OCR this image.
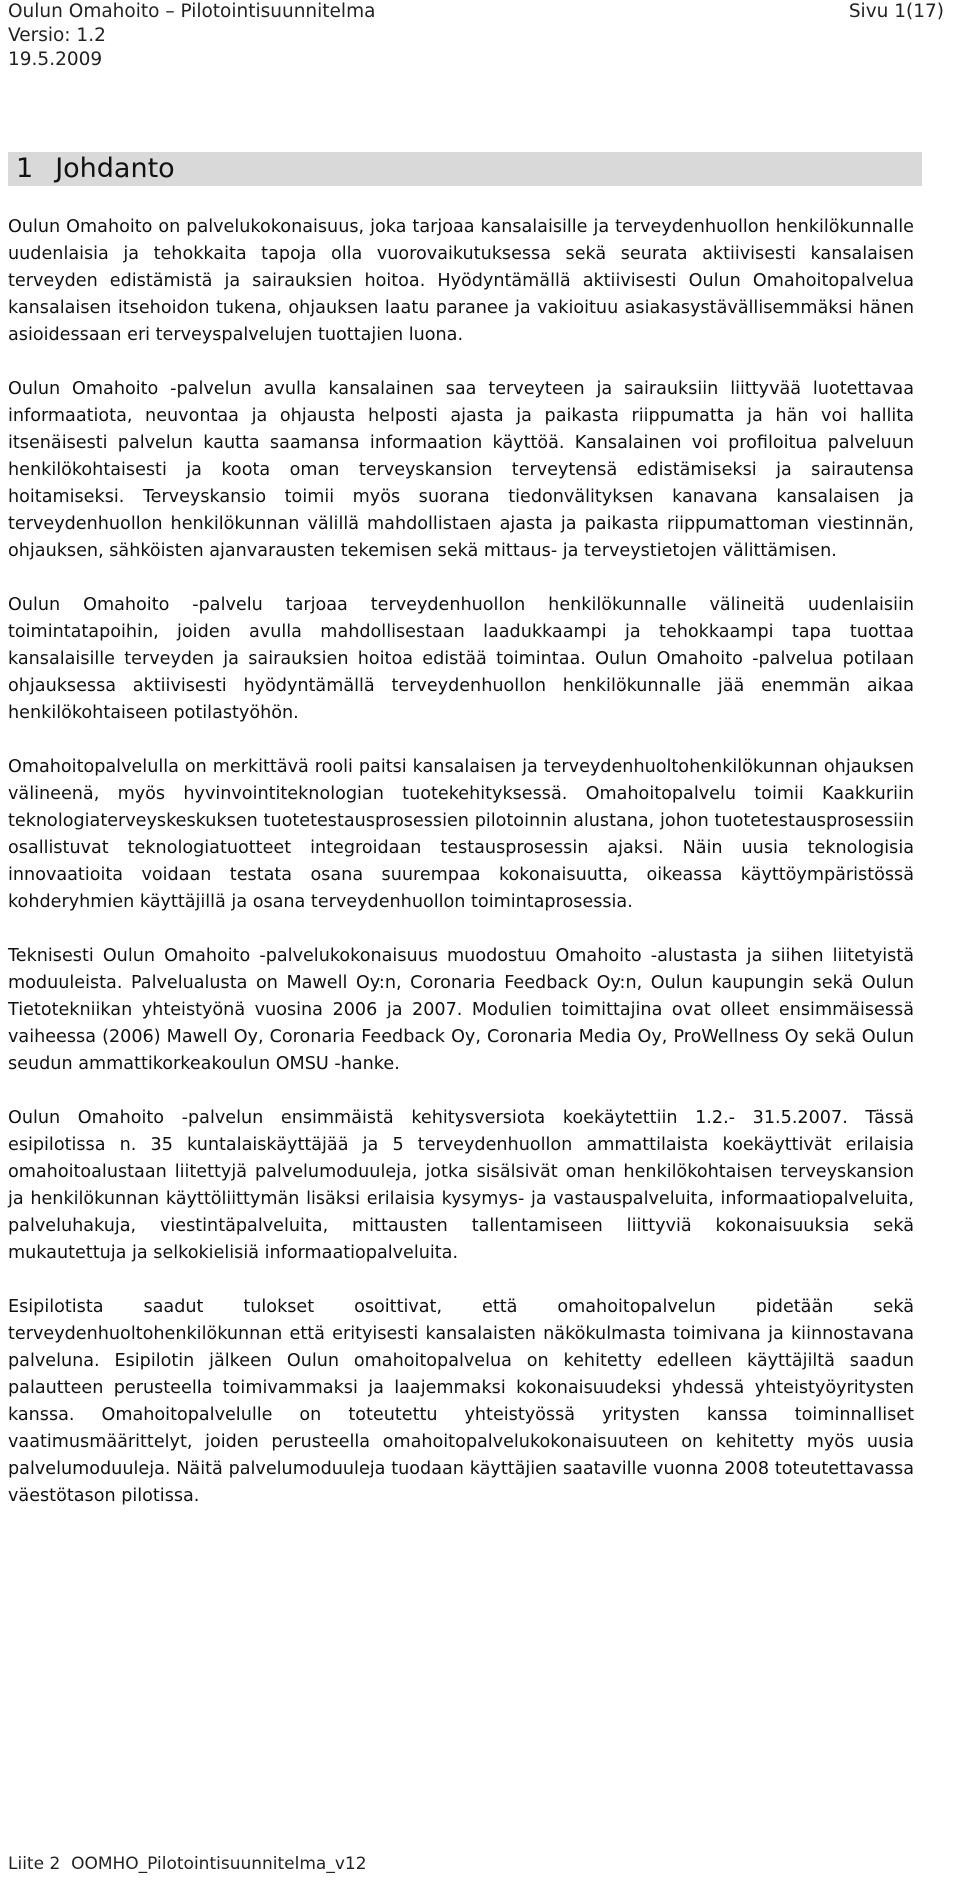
Oulun Omahoito – Pilotointisuunnitelma	Sivu 1(17)
Versio: 1.2
19.5.2009
1 Johdanto

Oulun Omahoito on palvelukokonaisuus, joka tarjoaa kansalaisille ja terveydenhuollon henkilökunnalle uudenlaisia ja tehokkaita tapoja olla vuorovaikutuksessa sekä seurata aktiivisesti kansalaisen terveyden edistämistä ja sairauksien hoitoa. Hyödyntämällä aktiivisesti Oulun Omahoitopalvelua kansalaisen itsehoidon tukena, ohjauksen laatu paranee ja vakioituu asiakasystävällisemmäksi hänen asioidessaan eri terveyspalvelujen tuottajien luona.

Oulun Omahoito -palvelun avulla kansalainen saa terveyteen ja sairauksiin liittyvää luotettavaa informaatiota, neuvontaa ja ohjausta helposti ajasta ja paikasta riippumatta ja hän voi hallita itsenäisesti palvelun kautta saamansa informaation käyttöä. Kansalainen voi profiloitua palveluun henkilökohtaisesti ja koota oman terveyskansion terveytensä edistämiseksi ja sairautensa hoitamiseksi. Terveyskansio toimii myös suorana tiedonvälityksen kanavana kansalaisen ja terveydenhuollon henkilökunnan välillä mahdollistaen ajasta ja paikasta riippumattoman viestinnän, ohjauksen, sähköisten ajanvarausten tekemisen sekä mittaus- ja terveystietojen välittämisen.

Oulun Omahoito -palvelu tarjoaa terveydenhuollon henkilökunnalle välineitä uudenlaisiin toimintatapoihin, joiden avulla mahdollisestaan laadukkaampi ja tehokkaampi tapa tuottaa kansalaisille terveyden ja sairauksien hoitoa edistää toimintaa. Oulun Omahoito -palvelua potilaan ohjauksessa aktiivisesti hyödyntämällä terveydenhuollon henkilökunnalle jää enemmän aikaa henkilökohtaiseen potilastyöhön.

Omahoitopalvelulla on merkittävä rooli paitsi kansalaisen ja terveydenhuoltohenkilökunnan ohjauksen välineenä, myös hyvinvointiteknologian tuotekehityksessä. Omahoitopalvelu toimii Kaakkuriin teknologiaterveyskeskuksen tuotetestausprosessien pilotoinnin alustana, johon tuotetestausprosessiin osallistuvat teknologiatuotteet integroidaan testausprosessin ajaksi. Näin uusia teknologisia innovaatioita voidaan testata osana suurempaa kokonaisuutta, oikeassa käyttöympäristössä kohderyhmien käyttäjillä ja osana terveydenhuollon toimintaprosessia.

Teknisesti Oulun Omahoito -palvelukokonaisuus muodostuu Omahoito -alustasta ja siihen liitetyistä moduuleista. Palvelualusta on Mawell Oy:n, Coronaria Feedback Oy:n, Oulun kaupungin sekä Oulun Tietotekniikan yhteistyönä vuosina 2006 ja 2007. Modulien toimittajina ovat olleet ensimmäisessä vaiheessa (2006) Mawell Oy, Coronaria Feedback Oy, Coronaria Media Oy, ProWellness Oy sekä Oulun seudun ammattikorkeakoulun OMSU -hanke.

Oulun Omahoito -palvelun ensimmäistä kehitysversiota koekäytettiin 1.2.- 31.5.2007. Tässä esipilotissa n. 35 kuntalaiskäyttäjää ja 5 terveydenhuollon ammattilaista koekäyttivät erilaisia omahoitoalustaan liitettyjä palvelumoduuleja, jotka sisälsivät oman henkilökohtaisen terveyskansion ja henkilökunnan käyttöliittymän lisäksi erilaisia kysymys- ja vastauspalveluita, informaatiopalveluita, palveluhakuja, viestintäpalveluita, mittausten tallentamiseen liittyviä kokonaisuuksia sekä mukautettuja ja selkokielisiä informaatiopalveluita.

Esipilotista saadut tulokset osoittivat, että omahoitopalvelun pidetään sekä terveydenhuoltohenkilökunnan että erityisesti kansalaisten näkökulmasta toimivana ja kiinnostavana palveluna. Esipilotin jälkeen Oulun omahoitopalvelua on kehitetty edelleen käyttäjiltä saadun palautteen perusteella toimivammaksi ja laajemmaksi kokonaisuudeksi yhdessä yhteistyöyritysten kanssa. Omahoitopalvelulle on toteutettu yhteistyössä yritysten kanssa toiminnalliset vaatimusmäärittelyt, joiden perusteella omahoitopalvelukokonaisuuteen on kehitetty myös uusia palvelumoduuleja. Näitä palvelumoduuleja tuodaan käyttäjien saataville vuonna 2008 toteutettavassa väestötason pilotissa.

Liite 2  OOMHO_Pilotointisuunnitelma_v12
